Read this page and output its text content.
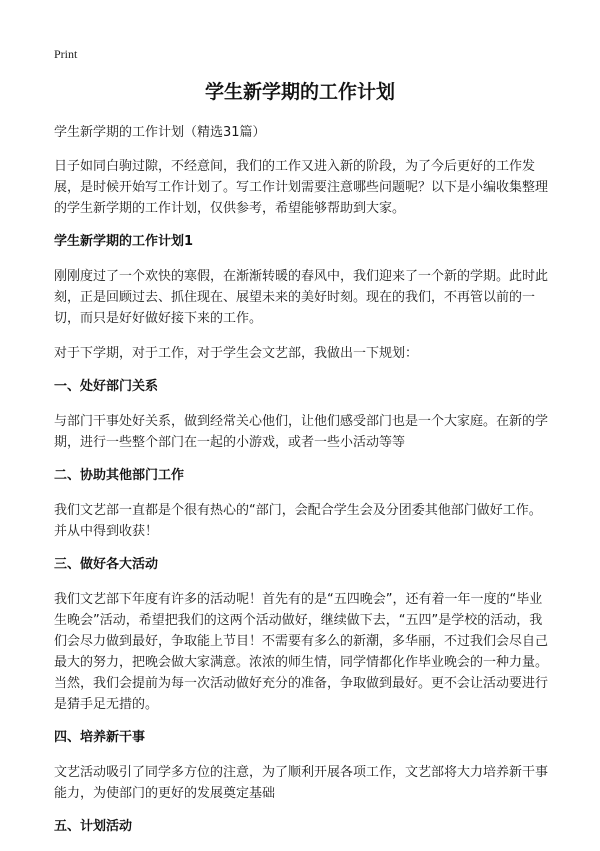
Print
学生新学期的工作计划

学生新学期的工作计划（精选31篇）

日子如同白驹过隙，不经意间，我们的工作又进入新的阶段，为了今后更好的工作发展，是时候开始写工作计划了。写工作计划需要注意哪些问题呢？以下是小编收集整理的学生新学期的工作计划，仅供参考，希望能够帮助到大家。

学生新学期的工作计划1

刚刚度过了一个欢快的寒假，在渐渐转暖的春风中，我们迎来了一个新的学期。此时此刻，正是回顾过去、抓住现在、展望未来的美好时刻。现在的我们，不再管以前的一切，而只是好好做好接下来的工作。

对于下学期，对于工作，对于学生会文艺部，我做出一下规划：

一、处好部门关系

与部门干事处好关系，做到经常关心他们，让他们感受部门也是一个大家庭。在新的学期，进行一些整个部门在一起的小游戏，或者一些小活动等等

二、协助其他部门工作

我们文艺部一直都是个很有热心的“部门，会配合学生会及分团委其他部门做好工作。并从中得到收获！

三、做好各大活动

我们文艺部下年度有许多的活动呢！首先有的是“五四晚会”，还有着一年一度的“毕业生晚会”活动，希望把我们的这两个活动做好，继续做下去，“五四”是学校的活动，我们会尽力做到最好，争取能上节目！不需要有多么的新潮，多华丽，不过我们会尽自己最大的努力，把晚会做大家满意。浓浓的师生情，同学情都化作毕业晚会的一种力量。当然，我们会提前为每一次活动做好充分的准备，争取做到最好。更不会让活动要进行是猜手足无措的。

四、培养新干事

文艺活动吸引了同学多方位的注意，为了顺利开展各项工作，文艺部将大力培养新干事能力，为使部门的更好的发展奠定基础

五、计划活动
